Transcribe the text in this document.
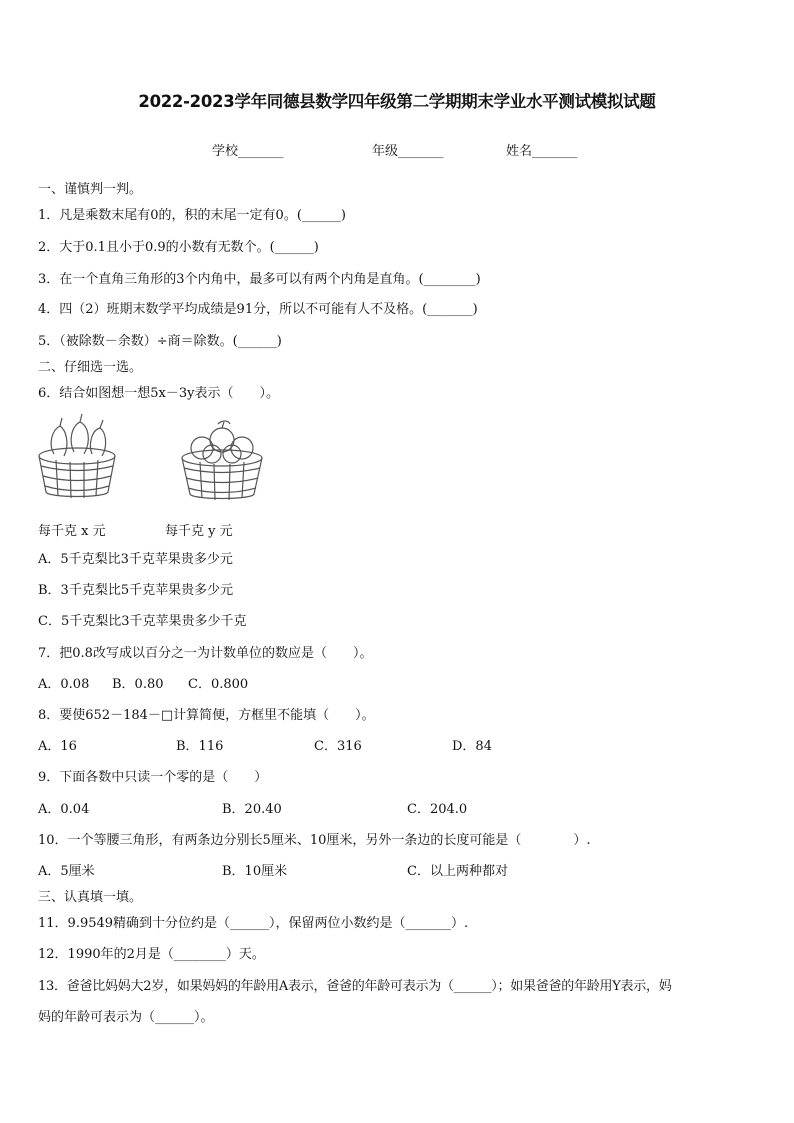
2022-2023学年同德县数学四年级第二学期期末学业水平测试模拟试题
学校_______	年级_______	姓名_______
一、谨慎判一判。
1．凡是乘数末尾有0的，积的末尾一定有0。(______)
2．大于0.1且小于0.9的小数有无数个。(______)
3．在一个直角三角形的3个内角中，最多可以有两个内角是直角。(________)
4．四（2）班期末数学平均成绩是91分，所以不可能有人不及格。(_______)
5．（被除数－余数）÷商＝除数。(______)
二、仔细选一选。
6．结合如图想一想5x－3y表示（　　）。
每千克 x 元	每千克 y 元
A．5千克梨比3千克苹果贵多少元
B．3千克梨比5千克苹果贵多少元
C．5千克梨比3千克苹果贵多少千克
7．把0.8改写成以百分之一为计数单位的数应是（　　）。
A．0.08 B．0.80 C．0.800
8．要使652－184－□计算简便，方框里不能填（　　）。
A．16	B．116	C．316	D．84
9．下面各数中只读一个零的是（　　）
A．0.04	B．20.40	C．204.0
10．一个等腰三角形，有两条边分别长5厘米、10厘米，另外一条边的长度可能是（　　　　）.
A．5厘米	B．10厘米	C．以上两种都对
三、认真填一填。
11．9.9549精确到十分位约是（______），保留两位小数约是（_______）.
12．1990年的2月是（________）天。
13．爸爸比妈妈大2岁，如果妈妈的年龄用A表示，爸爸的年龄可表示为（______）；如果爸爸的年龄用Y表示，妈
妈的年龄可表示为（______）。
